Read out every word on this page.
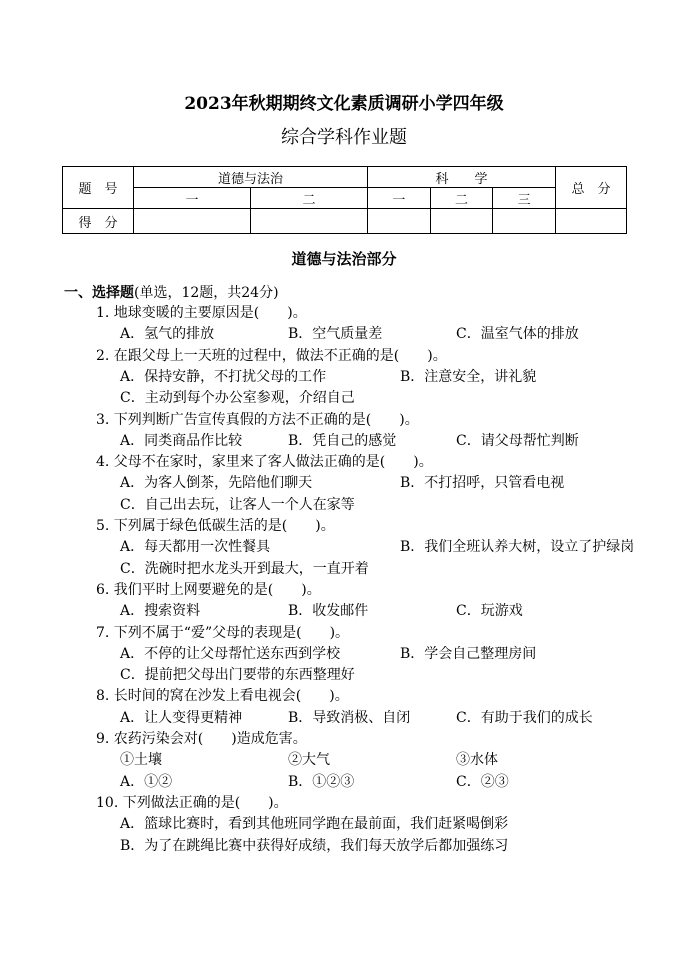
2023年秋期期终文化素质调研小学四年级
综合学科作业题
题　号	道德与法治		科　　学			总　分
	一	二	一	二	三	
得　分						
道德与法治部分
一、选择题(单选，12题，共24分)
1. 地球变暖的主要原因是(　　)。
A．氢气的排放	B．空气质量差	C．温室气体的排放
2. 在跟父母上一天班的过程中，做法不正确的是(　　)。
A．保持安静，不打扰父母的工作	B．注意安全，讲礼貌
C．主动到每个办公室参观，介绍自己
3. 下列判断广告宣传真假的方法不正确的是(　　)。
A．同类商品作比较	B．凭自己的感觉	C．请父母帮忙判断
4. 父母不在家时，家里来了客人做法正确的是(　　)。
A．为客人倒茶，先陪他们聊天	B．不打招呼，只管看电视
C．自己出去玩，让客人一个人在家等
5. 下列属于绿色低碳生活的是(　　)。
A．每天都用一次性餐具	B．我们全班认养大树，设立了护绿岗
C．洗碗时把水龙头开到最大，一直开着
6. 我们平时上网要避免的是(　　)。
A．搜索资料	B．收发邮件	C．玩游戏
7. 下列不属于“爱”父母的表现是(　　)。
A．不停的让父母帮忙送东西到学校	B．学会自己整理房间
C．提前把父母出门要带的东西整理好
8. 长时间的窝在沙发上看电视会(　　)。
A．让人变得更精神	B．导致消极、自闭	C．有助于我们的成长
9. 农药污染会对(　　)造成危害。
①土壤	②大气	③水体
A．①②	B．①②③	C．②③
10. 下列做法正确的是(　　)。
A．篮球比赛时，看到其他班同学跑在最前面，我们赶紧喝倒彩
B．为了在跳绳比赛中获得好成绩，我们每天放学后都加强练习
